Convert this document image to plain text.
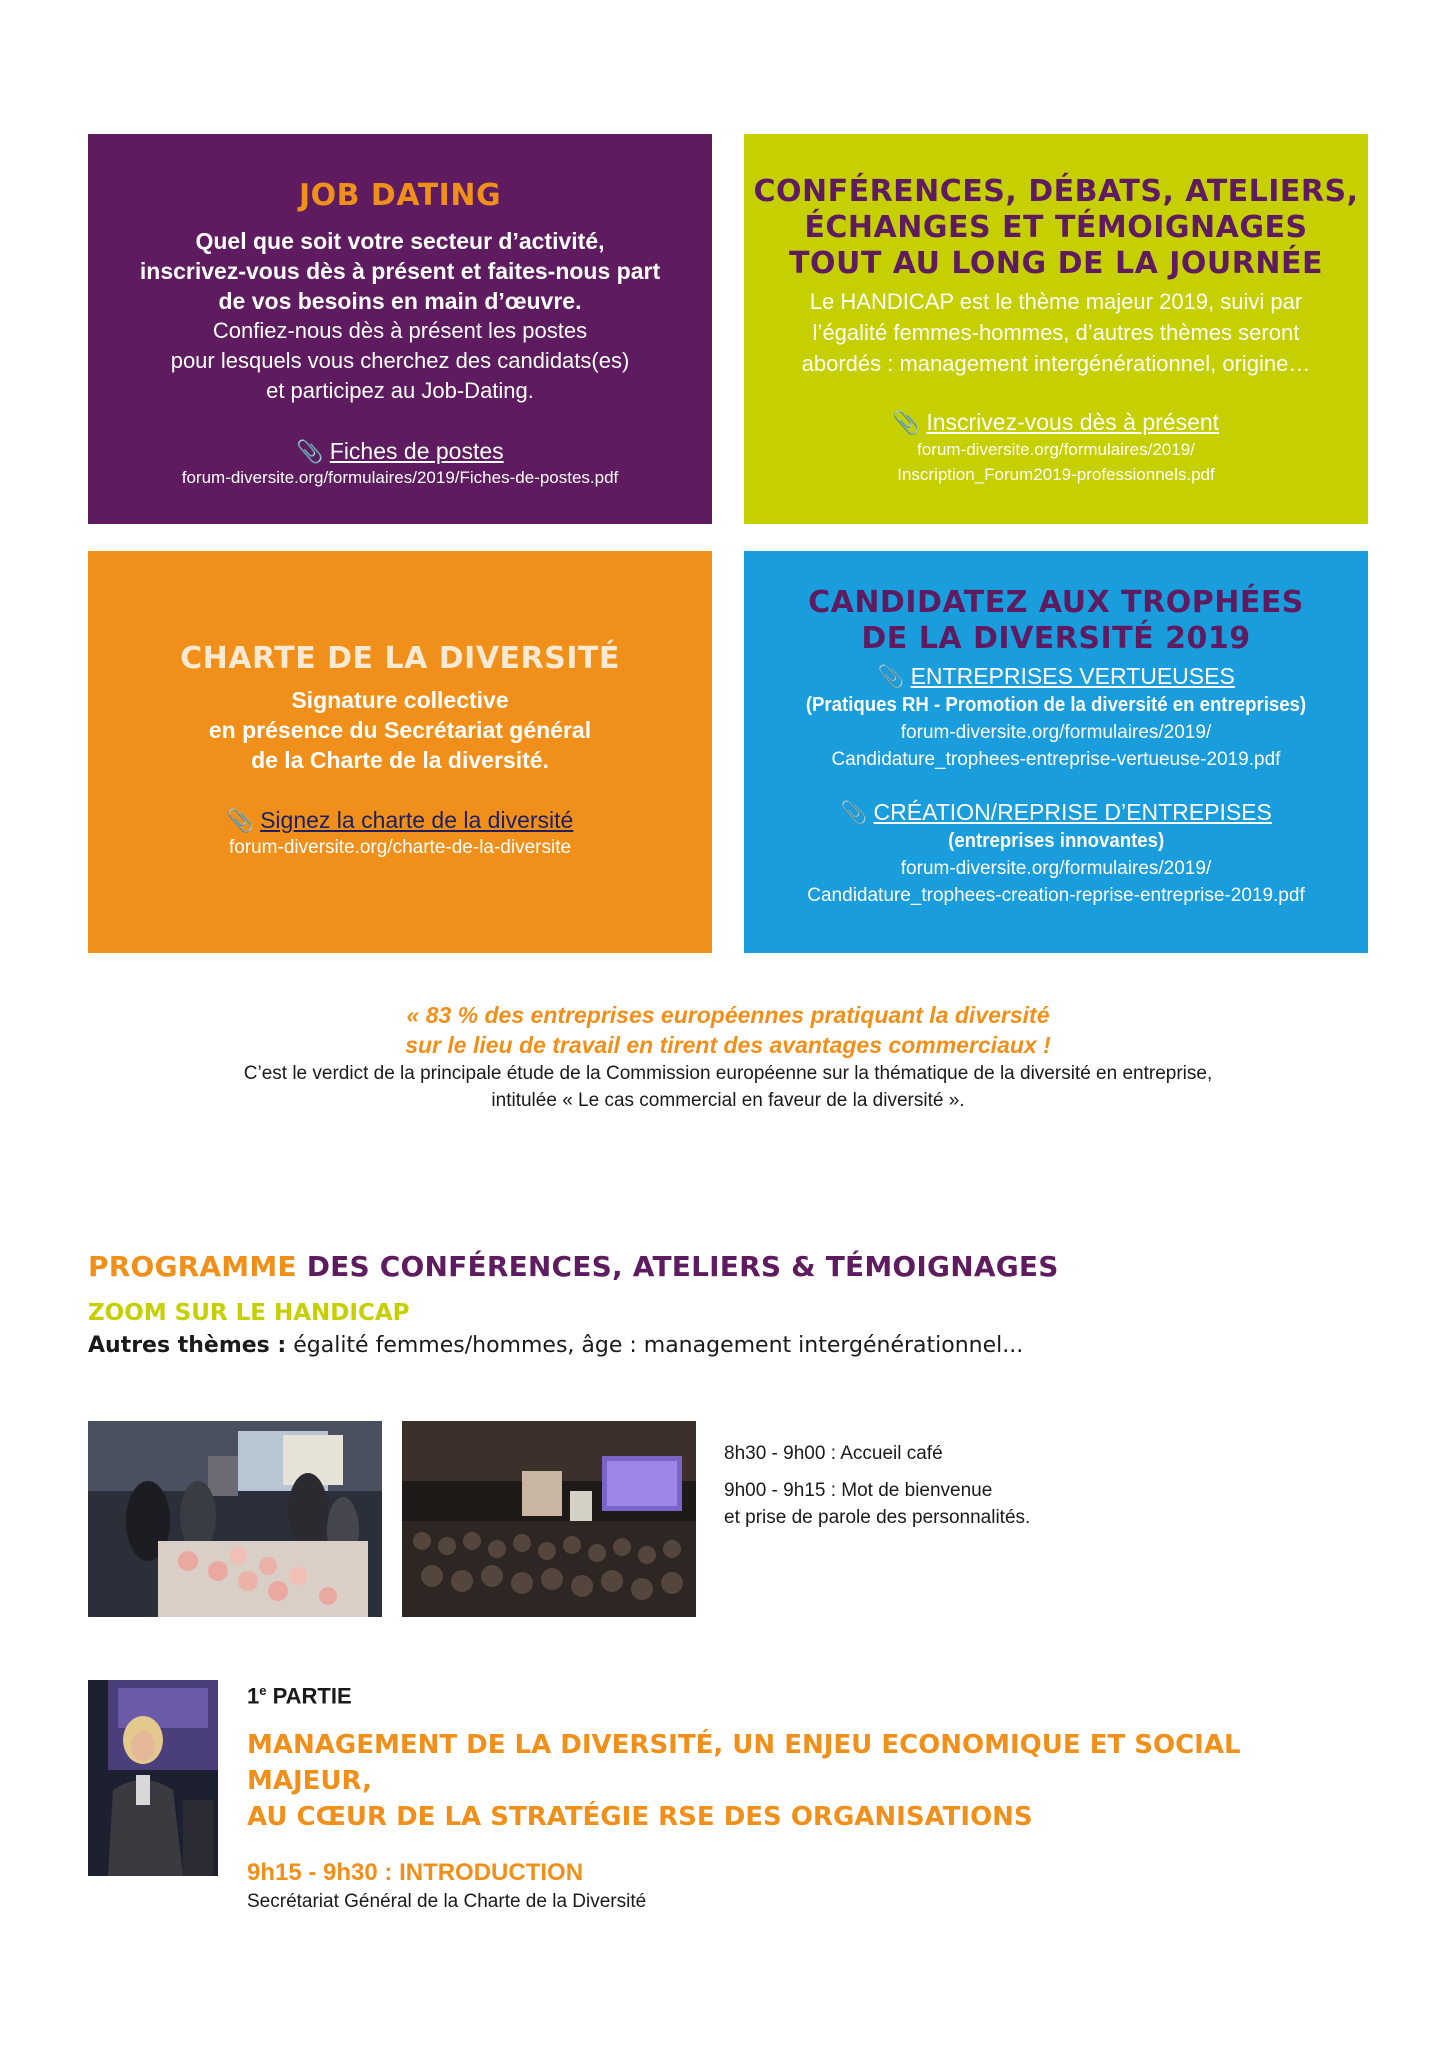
JOB DATING

Quel que soit votre secteur d’activité,

inscrivez-vous dès à présent et faites-nous part

de vos besoins en main d’œuvre.

Confiez-nous dès à présent les postes

pour lesquels vous cherchez des candidats(es)

et participez au Job-Dating.

📎 Fiches de postes

forum-diversite.org/formulaires/2019/Fiches-de-postes.pdf

CONFÉRENCES, DÉBATS, ATELIERS,

ÉCHANGES ET TÉMOIGNAGES

TOUT AU LONG DE LA JOURNÉE

Le HANDICAP est le thème majeur 2019, suivi par

l’égalité femmes-hommes, d’autres thèmes seront

abordés : management intergénérationnel, origine…

📎 Inscrivez-vous dès à présent

forum-diversite.org/formulaires/2019/

Inscription_Forum2019-professionnels.pdf

CHARTE DE LA DIVERSITÉ

Signature collective

en présence du Secrétariat général

de la Charte de la diversité.

📎 Signez la charte de la diversité

forum-diversite.org/charte-de-la-diversite

CANDIDATEZ AUX TROPHÉES

DE LA DIVERSITÉ 2019

📎 ENTREPRISES VERTUEUSES

(Pratiques RH - Promotion de la diversité en entreprises)

forum-diversite.org/formulaires/2019/

Candidature_trophees-entreprise-vertueuse-2019.pdf

📎 CRÉATION/REPRISE D’ENTREPISES

(entreprises innovantes)

forum-diversite.org/formulaires/2019/

Candidature_trophees-creation-reprise-entreprise-2019.pdf

« 83 % des entreprises européennes pratiquant la diversité

sur le lieu de travail en tirent des avantages commerciaux !

C’est le verdict de la principale étude de la Commission européenne sur la thématique de la diversité en entreprise,

intitulée « Le cas commercial en faveur de la diversité ».

PROGRAMME DES CONFÉRENCES, ATELIERS & TÉMOIGNAGES

ZOOM SUR LE HANDICAP

Autres thèmes : égalité femmes/hommes, âge : management intergénérationnel...

8h30 - 9h00 : Accueil café

9h00 - 9h15 : Mot de bienvenue
et prise de parole des personnalités.

1e PARTIE

MANAGEMENT DE LA DIVERSITÉ, UN ENJEU ECONOMIQUE ET SOCIAL MAJEUR,

AU CŒUR DE LA STRATÉGIE RSE DES ORGANISATIONS

9h15 - 9h30 : INTRODUCTION

Secrétariat Général de la Charte de la Diversité
